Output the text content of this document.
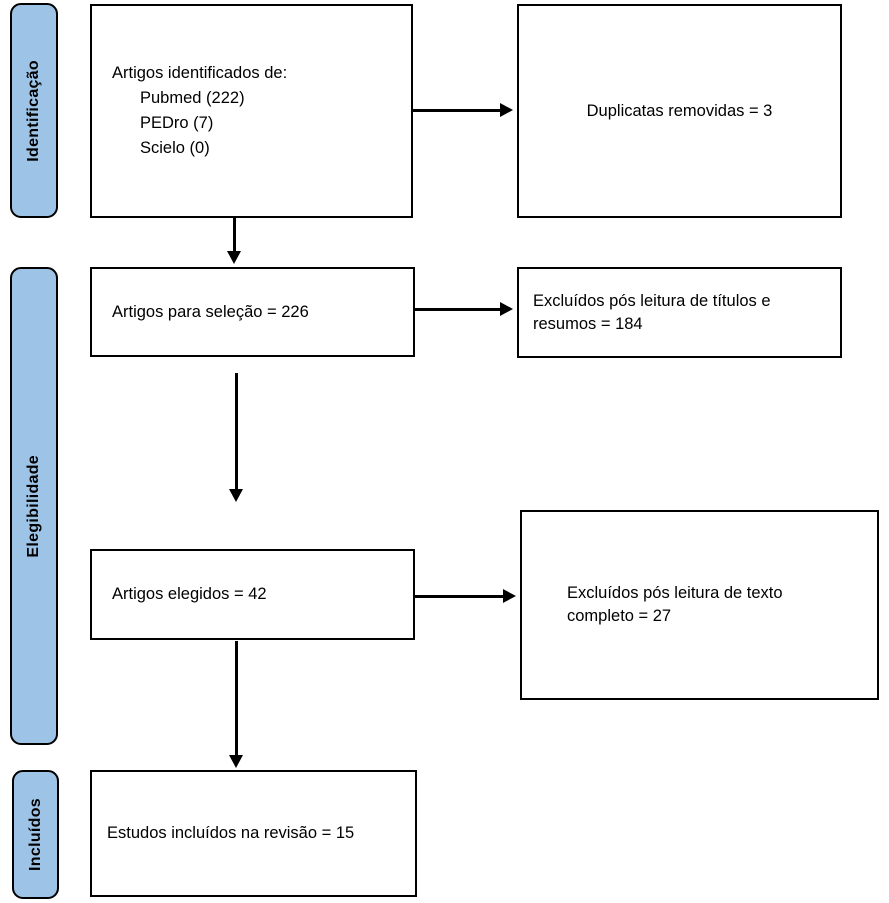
Identificação
Elegibilidade
Incluídos
Artigos identificados de:
Pubmed (222)
PEDro (7)
Scielo (0)
Duplicatas removidas = 3
Artigos para seleção = 226
Excluídos pós leitura de títulos e
resumos = 184
Artigos elegidos = 42	Excluídos pós leitura de texto
completo = 27
Estudos incluídos na revisão = 15
